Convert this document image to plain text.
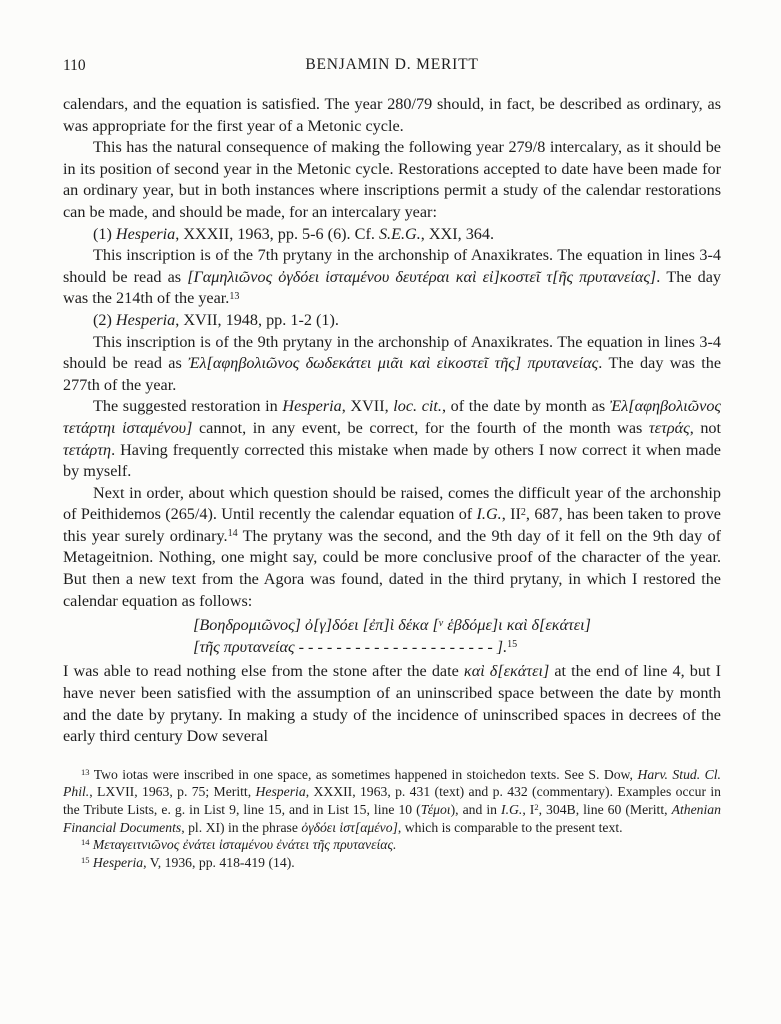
110	BENJAMIN D. MERITT

calendars, and the equation is satisfied. The year 280/79 should, in fact, be described as ordinary, as was appropriate for the first year of a Metonic cycle.

This has the natural consequence of making the following year 279/8 intercalary, as it should be in its position of second year in the Metonic cycle. Restorations accepted to date have been made for an ordinary year, but in both instances where inscriptions permit a study of the calendar restorations can be made, and should be made, for an intercalary year:

(1) Hesperia, XXXII, 1963, pp. 5-6 (6). Cf. S.E.G., XXI, 364.

This inscription is of the 7th prytany in the archonship of Anaxikrates. The equation in lines 3-4 should be read as [Γαμηλιῶνος ὀγδόει ἱσταμένου δευτέραι καὶ εἰ]κοστεῖ τ[ῆς πρυτανείας]. The day was the 214th of the year.$^{13}$

(2) Hesperia, XVII, 1948, pp. 1-2 (1).

This inscription is of the 9th prytany in the archonship of Anaxikrates. The equation in lines 3-4 should be read as Ἐλ[αφηβολιῶνος δωδεκάτει μιᾶι καὶ εἰκοστεῖ τῆς] πρυτανείας. The day was the 277th of the year.

The suggested restoration in Hesperia, XVII, loc. cit., of the date by month as Ἐλ[αφηβολιῶνος τετάρτηι ἱσταμένου] cannot, in any event, be correct, for the fourth of the month was τετράς, not τετάρτη. Having frequently corrected this mistake when made by others I now correct it when made by myself.

Next in order, about which question should be raised, comes the difficult year of the archonship of Peithidemos (265/4). Until recently the calendar equation of I.G., $II^2$, 687, has been taken to prove this year surely ordinary.$^{14}$ The prytany was the second, and the 9th day of it fell on the 9th day of Metageitnion. Nothing, one might say, could be more conclusive proof of the character of the year. But then a new text from the Agora was found, dated in the third prytany, in which I restored the calendar equation as follows:

[Βοηδρομιῶνος] ὀ[γ]δόει [ἐπ]ὶ δέκα [$^v$ ἑβδόμε]ι καὶ δ[εκάτει]
[τῆς πρυτανείας - - - - - - - - - - - - - - - - - - - - - ].$^{15}$

I was able to read nothing else from the stone after the date καὶ δ[εκάτει] at the end of line 4, but I have never been satisfied with the assumption of an uninscribed space between the date by month and the date by prytany. In making a study of the incidence of uninscribed spaces in decrees of the early third century Dow several

$^{13}$ Two iotas were inscribed in one space, as sometimes happened in stoichedon texts. See S. Dow, Harv. Stud. Cl. Phil., LXVII, 1963, p. 75; Meritt, Hesperia, XXXII, 1963, p. 431 (text) and p. 432 (commentary). Examples occur in the Tribute Lists, e. g. in List 9, line 15, and in List 15, line 10 (Τέμοι), and in I.G., $I^2$, 304B, line 60 (Meritt, Athenian Financial Documents, pl. XI) in the phrase ὀγδόει ἱστ[αμένο], which is comparable to the present text.

$^{14}$ Μεταγειτνιῶνος ἐνάτει ἱσταμένου ἐνάτει τῆς πρυτανείας.

$^{15}$ Hesperia, V, 1936, pp. 418-419 (14).
